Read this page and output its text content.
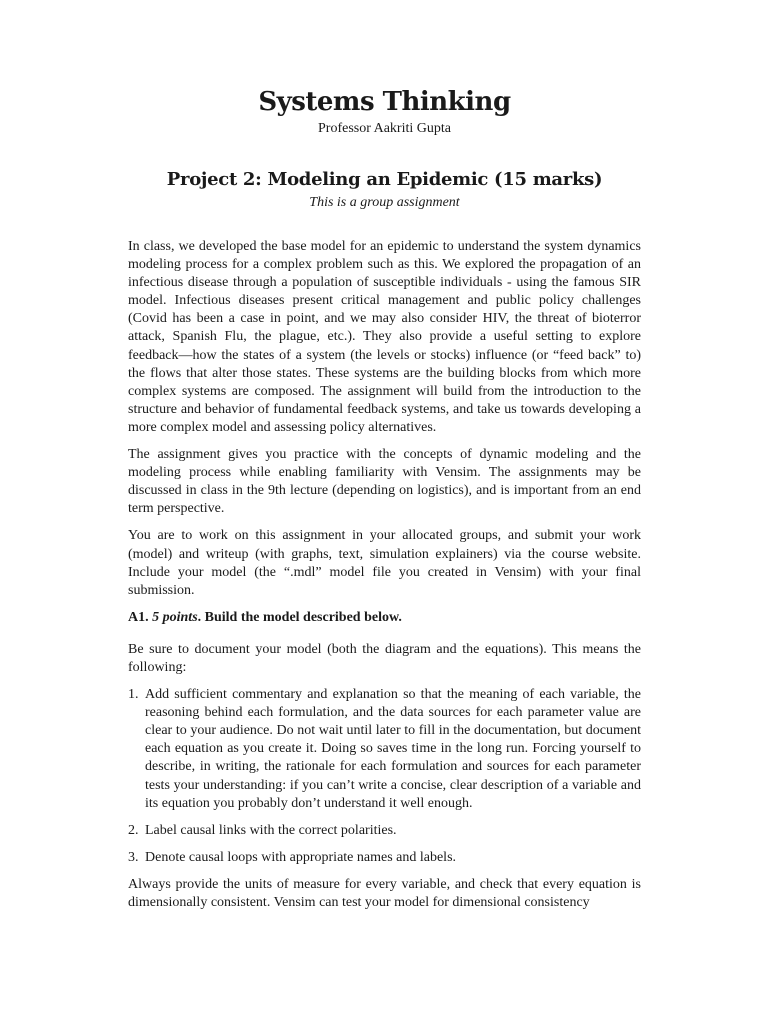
Systems Thinking

Professor Aakriti Gupta

Project 2: Modeling an Epidemic (15 marks)

This is a group assignment

In class, we developed the base model for an epidemic to understand the system dynamics modeling process for a complex problem such as this. We explored the propagation of an infectious disease through a population of susceptible individuals - using the famous SIR model. Infectious diseases present critical management and public policy challenges (Covid has been a case in point, and we may also consider HIV, the threat of bioterror attack, Spanish Flu, the plague, etc.). They also provide a useful setting to explore feedback—how the states of a system (the levels or stocks) influence (or “feed back” to) the flows that alter those states. These systems are the building blocks from which more complex systems are composed. The assignment will build from the introduction to the structure and behavior of fundamental feedback systems, and take us towards developing a more complex model and assessing policy alternatives.

The assignment gives you practice with the concepts of dynamic modeling and the modeling process while enabling familiarity with Vensim. The assignments may be discussed in class in the 9th lecture (depending on logistics), and is important from an end term perspective.

You are to work on this assignment in your allocated groups, and submit your work (model) and writeup (with graphs, text, simulation explainers) via the course website. Include your model (the “.mdl” model file you created in Vensim) with your final submission.

A1. 5 points. Build the model described below.

Be sure to document your model (both the diagram and the equations). This means the following:

1. Add sufficient commentary and explanation so that the meaning of each variable, the reasoning behind each formulation, and the data sources for each parameter value are clear to your audience. Do not wait until later to fill in the documentation, but document each equation as you create it. Doing so saves time in the long run. Forcing yourself to describe, in writing, the rationale for each formulation and sources for each parameter tests your understanding: if you can’t write a concise, clear description of a variable and its equation you probably don’t understand it well enough.
2. Label causal links with the correct polarities.
3. Denote causal loops with appropriate names and labels.

Always provide the units of measure for every variable, and check that every equation is dimensionally consistent. Vensim can test your model for dimensional consistency
